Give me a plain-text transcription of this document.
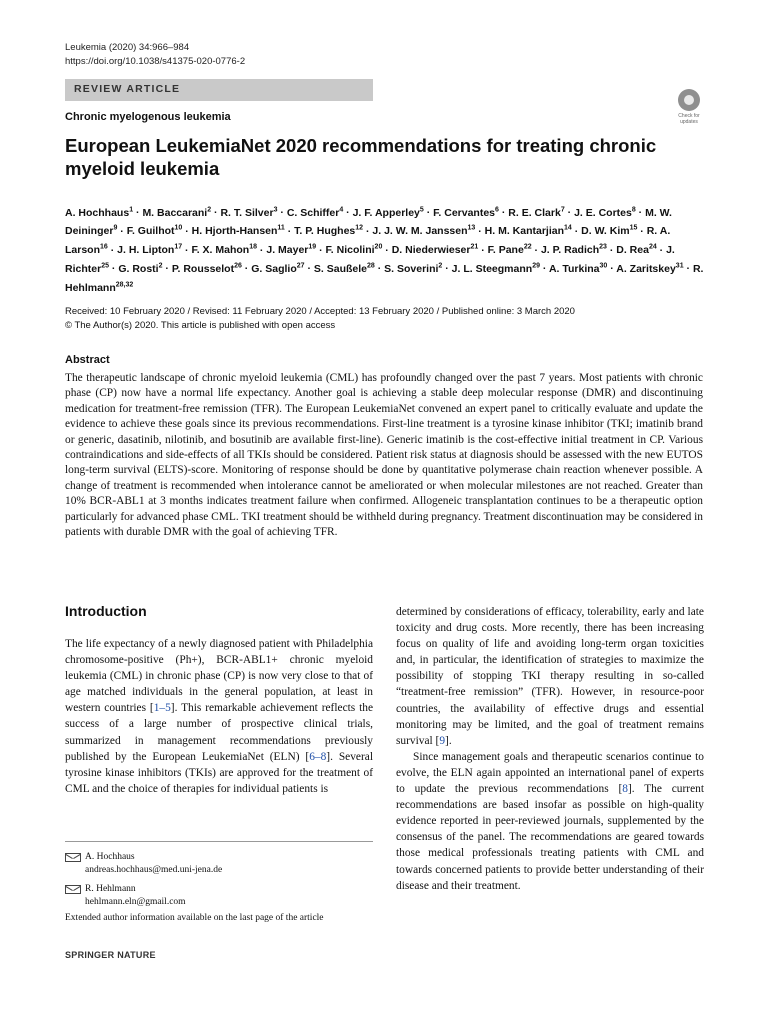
Leukemia (2020) 34:966–984
https://doi.org/10.1038/s41375-020-0776-2
REVIEW ARTICLE
Check for updates
Chronic myelogenous leukemia
European LeukemiaNet 2020 recommendations for treating chronic myeloid leukemia
A. Hochhaus$^1$ · M. Baccarani$^2$ · R. T. Silver$^3$ · C. Schiffer$^4$ · J. F. Apperley$^5$ · F. Cervantes$^6$ · R. E. Clark$^7$ · J. E. Cortes$^8$ · M. W. Deininger$^9$ · F. Guilhot$^{10}$ · H. Hjorth-Hansen$^{11}$ · T. P. Hughes$^{12}$ · J. J. W. M. Janssen$^{13}$ · H. M. Kantarjian$^{14}$ · D. W. Kim$^{15}$ · R. A. Larson$^{16}$ · J. H. Lipton$^{17}$ · F. X. Mahon$^{18}$ · J. Mayer$^{19}$ · F. Nicolini$^{20}$ · D. Niederwieser$^{21}$ · F. Pane$^{22}$ · J. P. Radich$^{23}$ · D. Rea$^{24}$ · J. Richter$^{25}$ · G. Rosti$^2$ · P. Rousselot$^{26}$ · G. Saglio$^{27}$ · S. Saußele$^{28}$ · S. Soverini$^2$ · J. L. Steegmann$^{29}$ · A. Turkina$^{30}$ · A. Zaritskey$^{31}$ · R. Hehlmann$^{28,32}$
Received: 10 February 2020 / Revised: 11 February 2020 / Accepted: 13 February 2020 / Published online: 3 March 2020
© The Author(s) 2020. This article is published with open access
Abstract

The therapeutic landscape of chronic myeloid leukemia (CML) has profoundly changed over the past 7 years. Most patients with chronic phase (CP) now have a normal life expectancy. Another goal is achieving a stable deep molecular response (DMR) and discontinuing medication for treatment-free remission (TFR). The European LeukemiaNet convened an expert panel to critically evaluate and update the evidence to achieve these goals since its previous recommendations. First-line treatment is a tyrosine kinase inhibitor (TKI; imatinib brand or generic, dasatinib, nilotinib, and bosutinib are available first-line). Generic imatinib is the cost-effective initial treatment in CP. Various contraindications and side-effects of all TKIs should be considered. Patient risk status at diagnosis should be assessed with the new EUTOS long-term survival (ELTS)-score. Monitoring of response should be done by quantitative polymerase chain reaction whenever possible. A change of treatment is recommended when intolerance cannot be ameliorated or when molecular milestones are not reached. Greater than 10% BCR-ABL1 at 3 months indicates treatment failure when confirmed. Allogeneic transplantation continues to be a therapeutic option particularly for advanced phase CML. TKI treatment should be withheld during pregnancy. Treatment discontinuation may be considered in patients with durable DMR with the goal of achieving TFR.

Introduction

The life expectancy of a newly diagnosed patient with Philadelphia chromosome-positive (Ph+), BCR-ABL1+ chronic myeloid leukemia (CML) in chronic phase (CP) is now very close to that of age matched individuals in the general population, at least in western countries [1–5]. This remarkable achievement reflects the success of a large number of prospective clinical trials, summarized in management recommendations previously published by the European LeukemiaNet (ELN) [6–8]. Several tyrosine kinase inhibitors (TKIs) are approved for the treatment of CML and the choice of therapies for individual patients is

determined by considerations of efficacy, tolerability, early and late toxicity and drug costs. More recently, there has been increasing focus on quality of life and avoiding long-term organ toxicities and, in particular, the identification of strategies to maximize the possibility of stopping TKI therapy resulting in so-called “treatment-free remission” (TFR). However, in resource-poor countries, the availability of effective drugs and essential monitoring may be limited, and the goal of treatment remains survival [9].

Since management goals and therapeutic scenarios continue to evolve, the ELN again appointed an international panel of experts to update the previous recommendations [8]. The current recommendations are based insofar as possible on high-quality evidence reported in peer-reviewed journals, supplemented by the consensus of the panel. The recommendations are geared towards those medical professionals treating patients with CML and towards concerned patients to provide better understanding of their disease and their treatment.

A. Hochhaus
andreas.hochhaus@med.uni-jena.de
R. Hehlmann
hehlmann.eln@gmail.com
Extended author information available on the last page of the article
SPRINGER NATURE
